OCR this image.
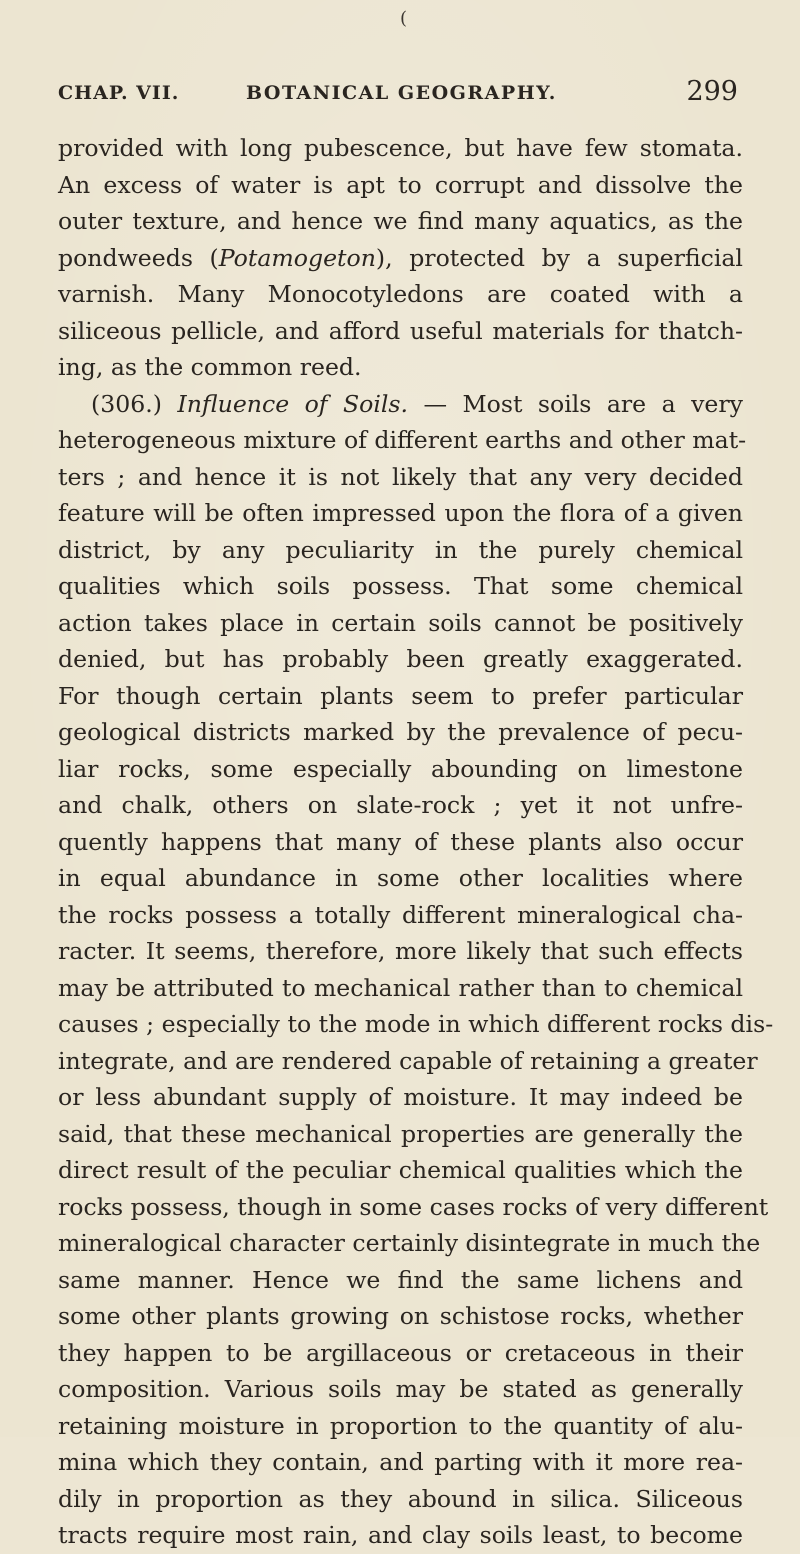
(
CHAP. VII.	BOTANICAL GEOGRAPHY.	299
provided with long pubescence, but have few stomata.
An excess of water is apt to corrupt and dissolve the
outer texture, and hence we find many aquatics, as the
pondweeds (Potamogeton), protected by a superficial
varnish. Many Monocotyledons are coated with a
siliceous pellicle, and afford useful materials for thatch-
ing, as the common reed.
(306.) Influence of Soils. — Most soils are a very
heterogeneous mixture of different earths and other mat-
ters ; and hence it is not likely that any very decided
feature will be often impressed upon the flora of a given
district, by any peculiarity in the purely chemical
qualities which soils possess. That some chemical
action takes place in certain soils cannot be positively
denied, but has probably been greatly exaggerated.
For though certain plants seem to prefer particular
geological districts marked by the prevalence of pecu-
liar rocks, some especially abounding on limestone
and chalk, others on slate-rock ; yet it not unfre-
quently happens that many of these plants also occur
in equal abundance in some other localities where
the rocks possess a totally different mineralogical cha-
racter. It seems, therefore, more likely that such effects
may be attributed to mechanical rather than to chemical
causes ; especially to the mode in which different rocks dis-
integrate, and are rendered capable of retaining a greater
or less abundant supply of moisture. It may indeed be
said, that these mechanical properties are generally the
direct result of the peculiar chemical qualities which the
rocks possess, though in some cases rocks of very different
mineralogical character certainly disintegrate in much the
same manner. Hence we find the same lichens and
some other plants growing on schistose rocks, whether
they happen to be argillaceous or cretaceous in their
composition. Various soils may be stated as generally
retaining moisture in proportion to the quantity of alu-
mina which they contain, and parting with it more rea-
dily in proportion as they abound in silica. Siliceous
tracts require most rain, and clay soils least, to become
